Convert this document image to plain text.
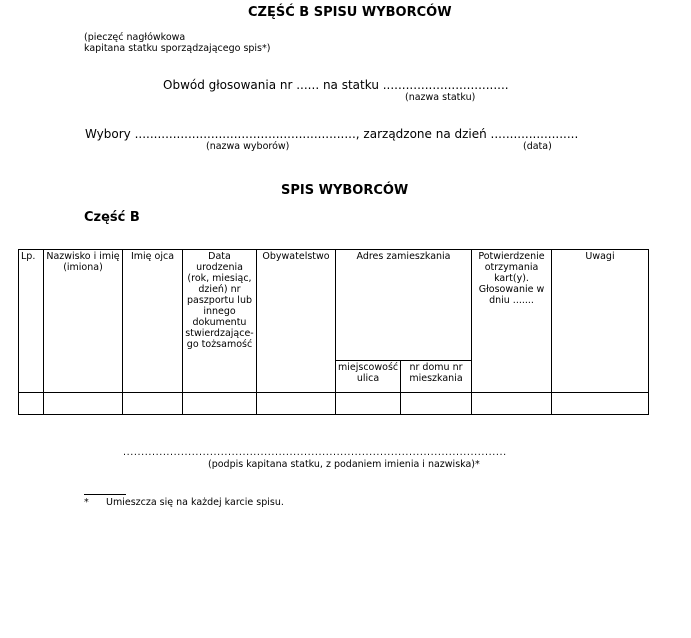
CZĘŚĆ B SPISU WYBORCÓW
(pieczęć nagłówkowa
kapitana statku sporządzającego spis*)
Obwód głosowania nr ...... na statku .................................
(nazwa statku)
Wybory .........................................................., zarządzone na dzień .......................
(nazwa wyborów)	(data)
SPIS WYBORCÓW
Część B
Lp.	Nazwisko i imię (imiona)	Imię ojca	Data urodzenia (rok, miesiąc, dzień) nr paszportu lub innego dokumentu stwierdzające-go tożsamość	Obywatelstwo	Adres zamieszkania		Potwierdzenie otrzymania kart(y). Głosowanie w dniu .......	Uwagi
					miejscowość ulica	nr domu nr mieszkania		

..........................................................................................................
(podpis kapitana statku, z podaniem imienia i nazwiska)*
* Umieszcza się na każdej karcie spisu.
